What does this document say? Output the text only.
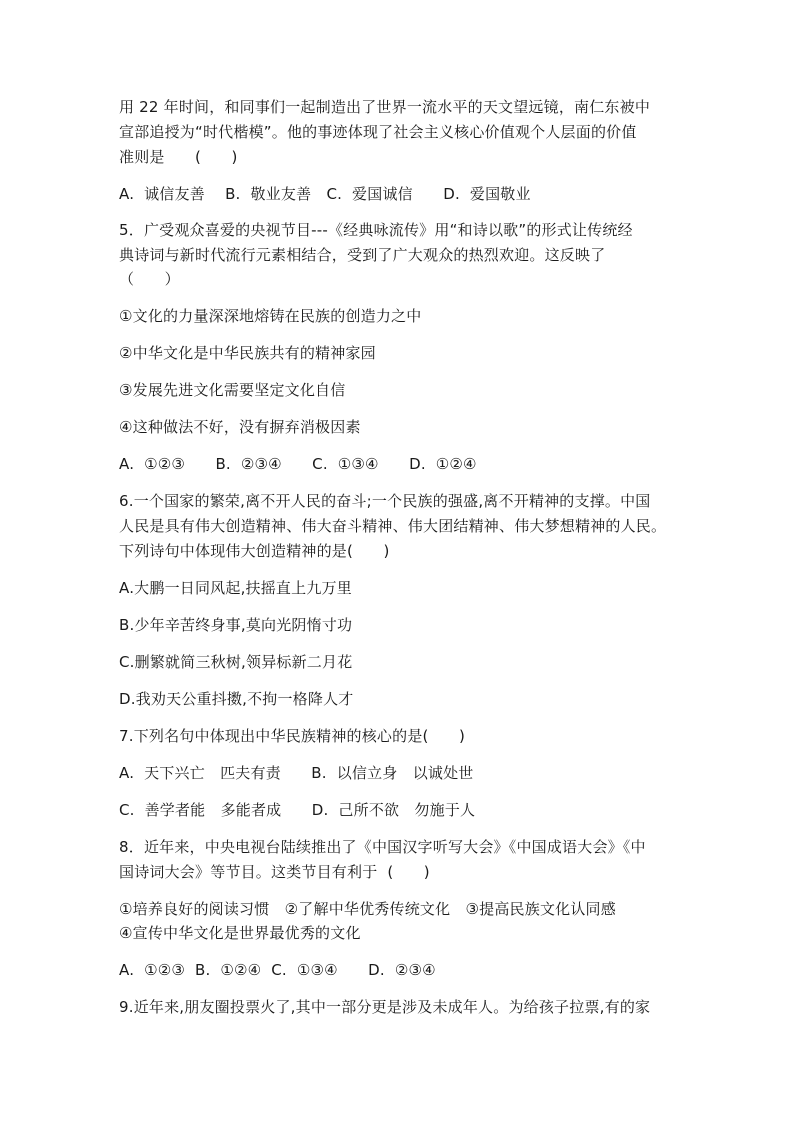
用 22 年时间，和同事们一起制造出了世界一流水平的天文望远镜，南仁东被中
宣部追授为“时代楷模”。他的事迹体现了社会主义核心价值观个人层面的价值
准则是　　(　　)
A.  诚信友善　 B.  敬业友善　C.  爱国诚信　　D.  爱国敬业
5．广受观众喜爱的央视节目---《经典咏流传》用“和诗以歌”的形式让传统经
典诗词与新时代流行元素相结合，受到了广大观众的热烈欢迎。这反映了
（　　）
①文化的力量深深地熔铸在民族的创造力之中
②中华文化是中华民族共有的精神家园
③发展先进文化需要坚定文化自信
④这种做法不好，没有摒弃消极因素
A.  ①②③　　B.  ②③④　　C.  ①③④　　D.  ①②④
6.一个国家的繁荣,离不开人民的奋斗;一个民族的强盛,离不开精神的支撑。中国
人民是具有伟大创造精神、伟大奋斗精神、伟大团结精神、伟大梦想精神的人民。
下列诗句中体现伟大创造精神的是(　　)
A.大鹏一日同风起,扶摇直上九万里
B.少年辛苦终身事,莫向光阴惰寸功
C.删繁就简三秋树,领异标新二月花
D.我劝天公重抖擞,不拘一格降人才
7.下列名句中体现出中华民族精神的核心的是(　　)
A.  天下兴亡　匹夫有责　　B.  以信立身　以诚处世
C.  善学者能　多能者成　　D.  己所不欲　勿施于人
8．近年来，中央电视台陆续推出了《中国汉字听写大会》《中国成语大会》《中
国诗词大会》等节目。这类节目有利于  (　　)
①培养良好的阅读习惯　②了解中华优秀传统文化　③提高民族文化认同感
④宣传中华文化是世界最优秀的文化
A.  ①②③  B.  ①②④  C.  ①③④　　D.  ②③④
9.近年来,朋友圈投票火了,其中一部分更是涉及未成年人。为给孩子拉票,有的家
